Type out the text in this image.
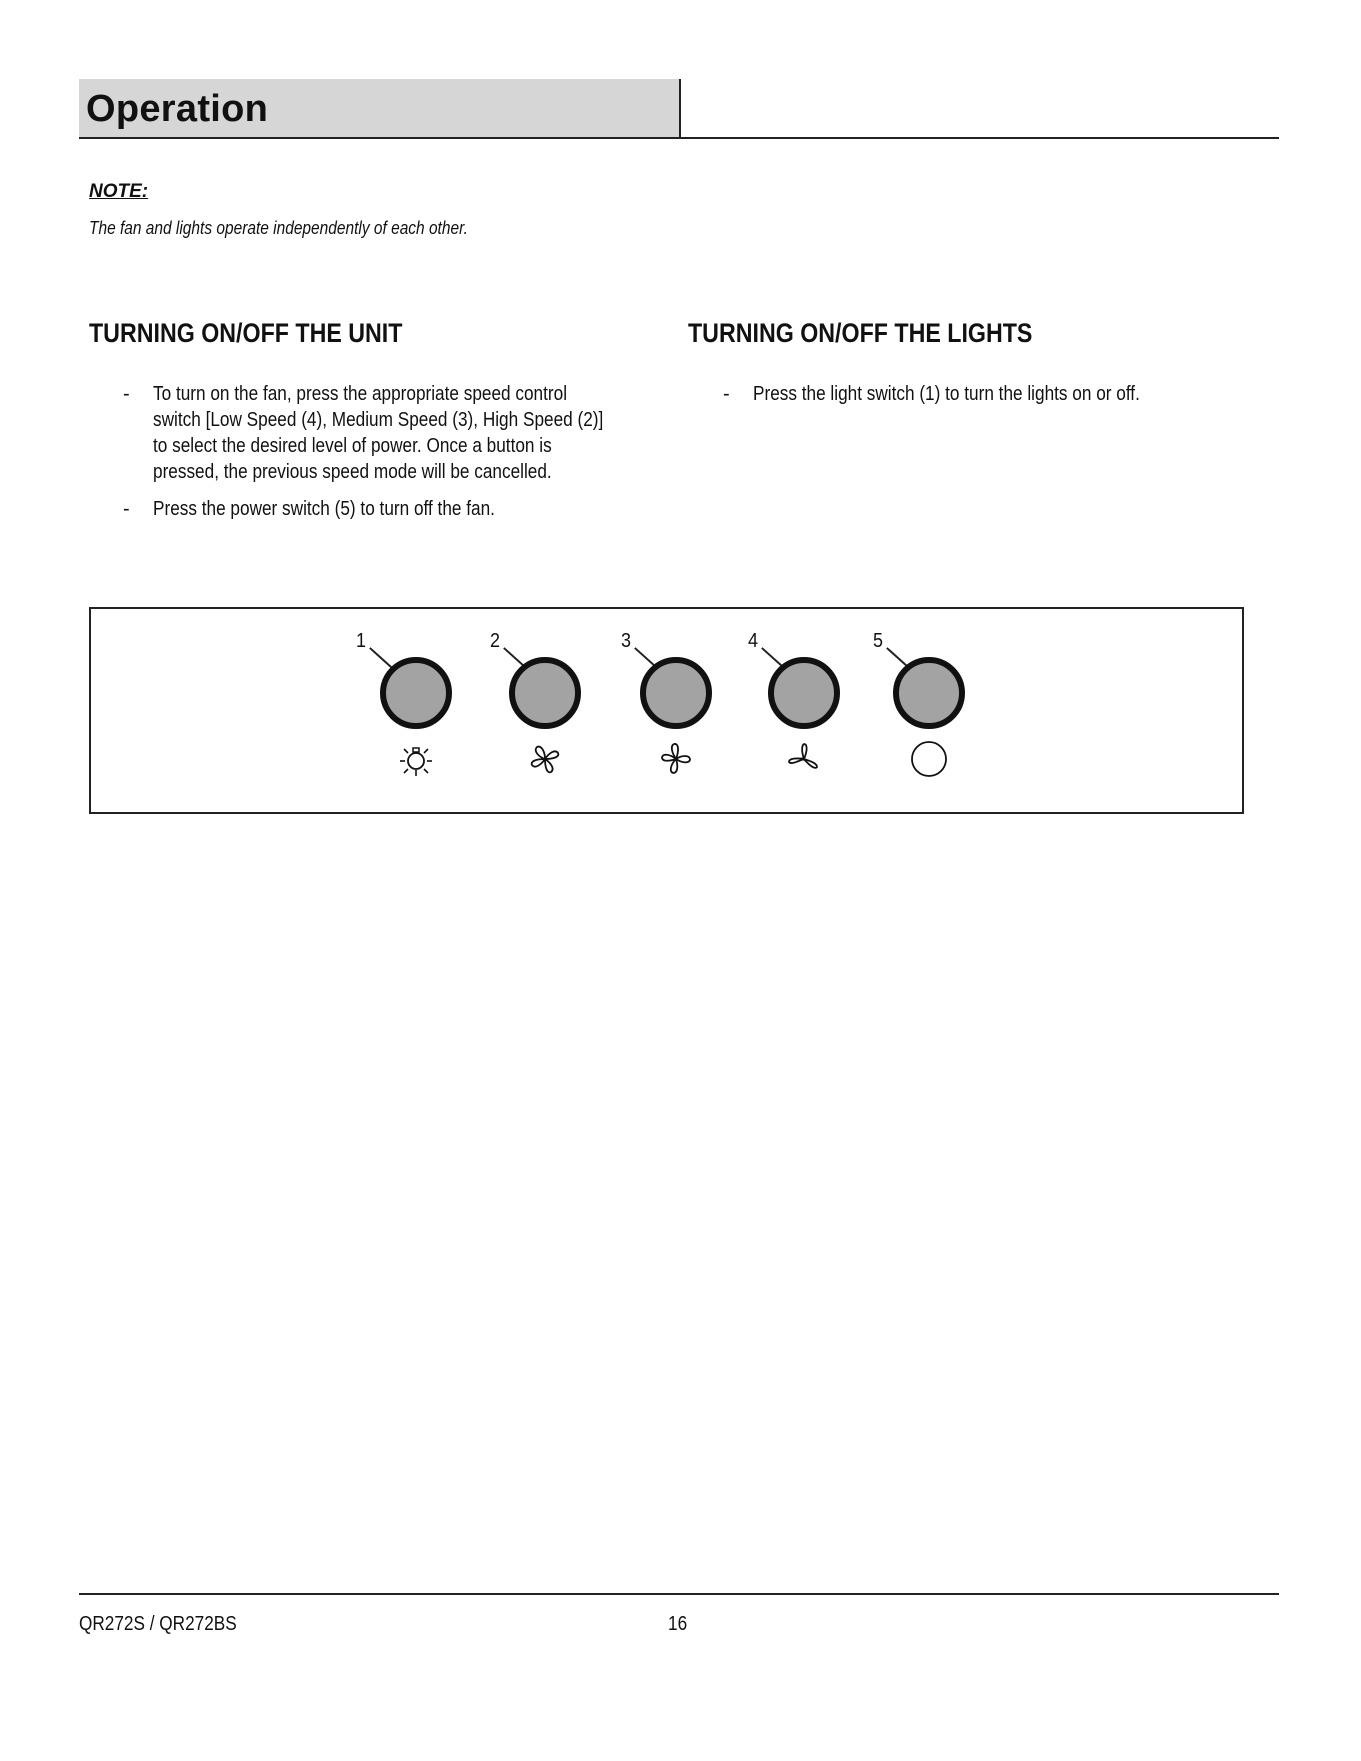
Operation
NOTE:
The fan and lights operate independently of each other.
TURNING ON/OFF THE UNIT	TURNING ON/OFF THE LIGHTS
- To turn on the fan, press the appropriate speed control switch [Low Speed (4), Medium Speed (3), High Speed (2)] to select the desired level of power. Once a button is pressed, the previous speed mode will be cancelled.
- Press the power switch (5) to turn off the fan.
- Press the light switch (1) to turn the lights on or off.
1	2	3	4	5
QR272S / QR272BS	16
